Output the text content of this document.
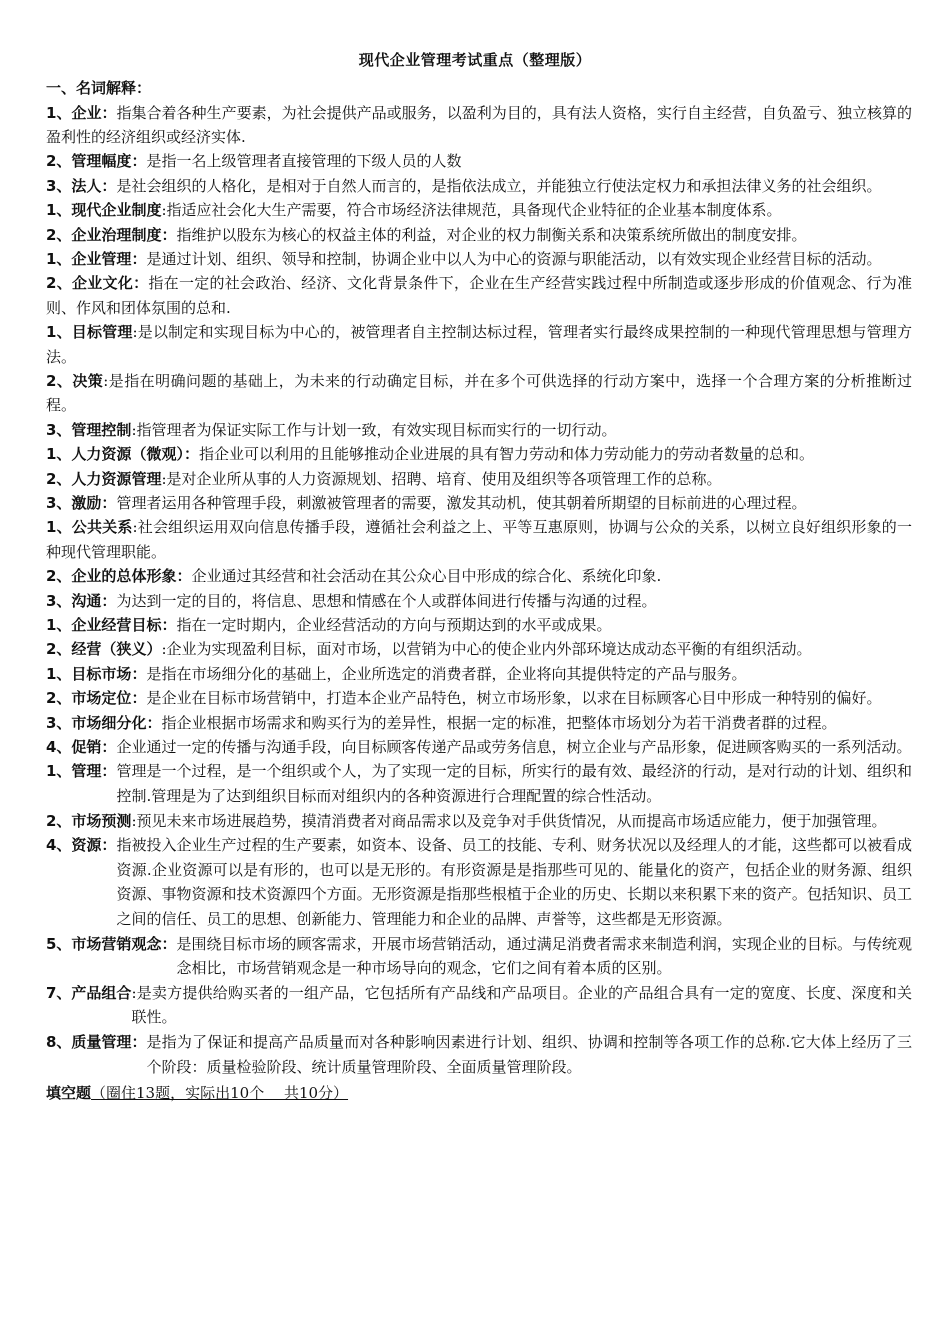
现代企业管理考试重点（整理版）
一、名词解释：

1、企业：指集合着各种生产要素，为社会提供产品或服务，以盈利为目的，具有法人资格，实行自主经营，自负盈亏、独立核算的盈利性的经济组织或经济实体.

2、管理幅度：是指一名上级管理者直接管理的下级人员的人数

3、法人：是社会组织的人格化，是相对于自然人而言的，是指依法成立，并能独立行使法定权力和承担法律义务的社会组织。

1、现代企业制度:指适应社会化大生产需要，符合市场经济法律规范，具备现代企业特征的企业基本制度体系。

2、企业治理制度：指维护以股东为核心的权益主体的利益，对企业的权力制衡关系和决策系统所做出的制度安排。

1、企业管理：是通过计划、组织、领导和控制，协调企业中以人为中心的资源与职能活动，以有效实现企业经营目标的活动。

2、企业文化：指在一定的社会政治、经济、文化背景条件下，企业在生产经营实践过程中所制造或逐步形成的价值观念、行为准则、作风和团体氛围的总和.

1、目标管理:是以制定和实现目标为中心的，被管理者自主控制达标过程，管理者实行最终成果控制的一种现代管理思想与管理方法。

2、决策:是指在明确问题的基础上，为未来的行动确定目标，并在多个可供选择的行动方案中，选择一个合理方案的分析推断过程。

3、管理控制:指管理者为保证实际工作与计划一致，有效实现目标而实行的一切行动。

1、人力资源（微观）：指企业可以利用的且能够推动企业进展的具有智力劳动和体力劳动能力的劳动者数量的总和。

2、人力资源管理:是对企业所从事的人力资源规划、招聘、培育、使用及组织等各项管理工作的总称。

3、激励：管理者运用各种管理手段，刺激被管理者的需要，激发其动机，使其朝着所期望的目标前进的心理过程。

1、公共关系:社会组织运用双向信息传播手段，遵循社会利益之上、平等互惠原则，协调与公众的关系，以树立良好组织形象的一种现代管理职能。

2、企业的总体形象：企业通过其经营和社会活动在其公众心目中形成的综合化、系统化印象.

3、沟通：为达到一定的目的，将信息、思想和情感在个人或群体间进行传播与沟通的过程。

1、企业经营目标：指在一定时期内，企业经营活动的方向与预期达到的水平或成果。

2、经营（狭义）:企业为实现盈利目标，面对市场，以营销为中心的使企业内外部环境达成动态平衡的有组织活动。

1、目标市场：是指在市场细分化的基础上，企业所选定的消费者群，企业将向其提供特定的产品与服务。

2、市场定位：是企业在目标市场营销中，打造本企业产品特色，树立市场形象，以求在目标顾客心目中形成一种特别的偏好。

3、市场细分化：指企业根据市场需求和购买行为的差异性，根据一定的标准，把整体市场划分为若干消费者群的过程。

4、促销：企业通过一定的传播与沟通手段，向目标顾客传递产品或劳务信息，树立企业与产品形象，促进顾客购买的一系列活动。

1、管理： 管理是一个过程，是一个组织或个人，为了实现一定的目标，所实行的最有效、最经济的行动，是对行动的计划、组织和控制.管理是为了达到组织目标而对组织内的各种资源进行合理配置的综合性活动。
2、市场预测 :预见未来市场进展趋势，摸清消费者对商品需求以及竞争对手供货情况，从而提高市场适应能力，便于加强管理。
4、资源： 指被投入企业生产过程的生产要素，如资本、设备、员工的技能、专利、财务状况以及经理人的才能，这些都可以被看成资源.企业资源可以是有形的，也可以是无形的。有形资源是是指那些可见的、能量化的资产，包括企业的财务源、组织资源、事物资源和技术资源四个方面。无形资源是指那些根植于企业的历史、长期以来积累下来的资产。包括知识、员工之间的信任、员工的思想、创新能力、管理能力和企业的品牌、声誉等，这些都是无形资源。
5、市场营销观念： 是围绕目标市场的顾客需求，开展市场营销活动，通过满足消费者需求来制造利润，实现企业的目标。与传统观念相比，市场营销观念是一种市场导向的观念，它们之间有着本质的区别。
7、产品组合 :是卖方提供给购买者的一组产品，它包括所有产品线和产品项目。企业的产品组合具有一定的宽度、长度、深度和关联性。
8、质量管理： 是指为了保证和提高产品质量而对各种影响因素进行计划、组织、协调和控制等各项工作的总称.它大体上经历了三个阶段：质量检验阶段、统计质量管理阶段、全面质量管理阶段。
填空题（圈住13题，实际出10个　 共10分）
